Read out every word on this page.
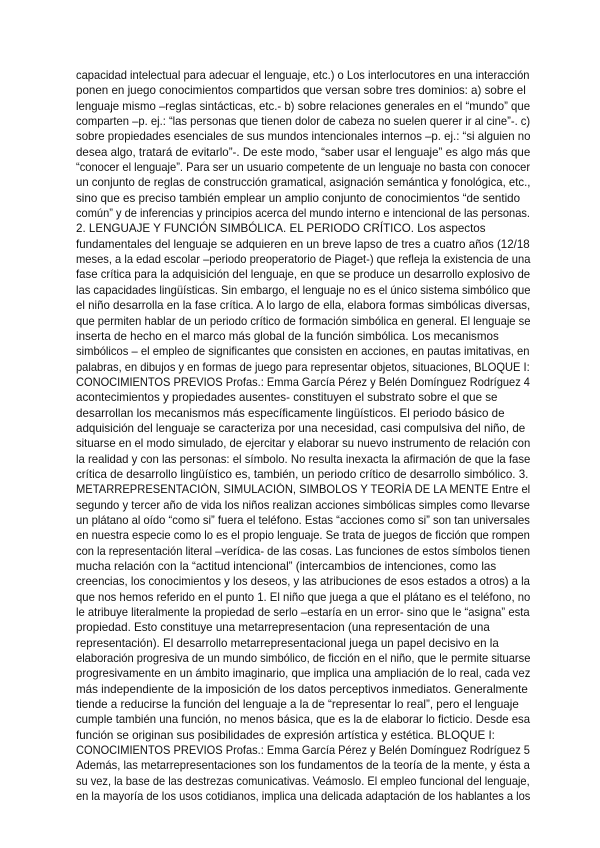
capacidad intelectual para adecuar el lenguaje, etc.) o Los interlocutores en una interacción
ponen en juego conocimientos compartidos que versan sobre tres dominios: a) sobre el
lenguaje mismo –reglas sintácticas, etc.- b) sobre relaciones generales en el “mundo” que
comparten –p. ej.: “las personas que tienen dolor de cabeza no suelen querer ir al cine”-. c)
sobre propiedades esenciales de sus mundos intencionales internos –p. ej.: “si alguien no
desea algo, tratará de evitarlo”-. De este modo, “saber usar el lenguaje” es algo más que
“conocer el lenguaje”. Para ser un usuario competente de un lenguaje no basta con conocer
un conjunto de reglas de construcción gramatical, asignación semántica y fonológica, etc.,
sino que es preciso también emplear un amplio conjunto de conocimientos “de sentido
común” y de inferencias y principios acerca del mundo interno e intencional de las personas.
2. LENGUAJE Y FUNCIÓN SIMBÓLICA. EL PERIODO CRÍTICO. Los aspectos
fundamentales del lenguaje se adquieren en un breve lapso de tres a cuatro años (12/18
meses, a la edad escolar –periodo preoperatorio de Piaget-) que refleja la existencia de una
fase crítica para la adquisición del lenguaje, en que se produce un desarrollo explosivo de
las capacidades lingüísticas. Sin embargo, el lenguaje no es el único sistema simbólico que
el niño desarrolla en la fase crítica. A lo largo de ella, elabora formas simbólicas diversas,
que permiten hablar de un periodo crítico de formación simbólica en general. El lenguaje se
inserta de hecho en el marco más global de la función simbólica. Los mecanismos
simbólicos – el empleo de significantes que consisten en acciones, en pautas imitativas, en
palabras, en dibujos y en formas de juego para representar objetos, situaciones, BLOQUE I:
CONOCIMIENTOS PREVIOS Profas.: Emma García Pérez y Belén Domínguez Rodríguez 4
acontecimientos y propiedades ausentes- constituyen el substrato sobre el que se
desarrollan los mecanismos más específicamente lingüísticos. El periodo básico de
adquisición del lenguaje se caracteriza por una necesidad, casi compulsiva del niño, de
situarse en el modo simulado, de ejercitar y elaborar su nuevo instrumento de relación con
la realidad y con las personas: el símbolo. No resulta inexacta la afirmación de que la fase
crítica de desarrollo lingüístico es, también, un periodo crítico de desarrollo simbólico. 3.
METARREPRESENTACIÓN, SIMULACIÓN, SIMBOLOS Y TEORÍA DE LA MENTE Entre el
segundo y tercer año de vida los niños realizan acciones simbólicas simples como llevarse
un plátano al oído “como si” fuera el teléfono. Estas “acciones como si” son tan universales
en nuestra especie como lo es el propio lenguaje. Se trata de juegos de ficción que rompen
con la representación literal –verídica- de las cosas. Las funciones de estos símbolos tienen
mucha relación con la “actitud intencional” (intercambios de intenciones, como las
creencias, los conocimientos y los deseos, y las atribuciones de esos estados a otros) a la
que nos hemos referido en el punto 1. El niño que juega a que el plátano es el teléfono, no
le atribuye literalmente la propiedad de serlo –estaría en un error- sino que le “asigna” esta
propiedad. Esto constituye una metarrepresentacion (una representación de una
representación). El desarrollo metarrepresentacional juega un papel decisivo en la
elaboración progresiva de un mundo simbólico, de ficción en el niño, que le permite situarse
progresivamente en un ámbito imaginario, que implica una ampliación de lo real, cada vez
más independiente de la imposición de los datos perceptivos inmediatos. Generalmente
tiende a reducirse la función del lenguaje a la de “representar lo real”, pero el lenguaje
cumple también una función, no menos básica, que es la de elaborar lo ficticio. Desde esa
función se originan sus posibilidades de expresión artística y estética. BLOQUE I:
CONOCIMIENTOS PREVIOS Profas.: Emma García Pérez y Belén Domínguez Rodríguez 5
Además, las metarrepresentaciones son los fundamentos de la teoría de la mente, y ésta a
su vez, la base de las destrezas comunicativas. Veámoslo. El empleo funcional del lenguaje,
en la mayoría de los usos cotidianos, implica una delicada adaptación de los hablantes a los
